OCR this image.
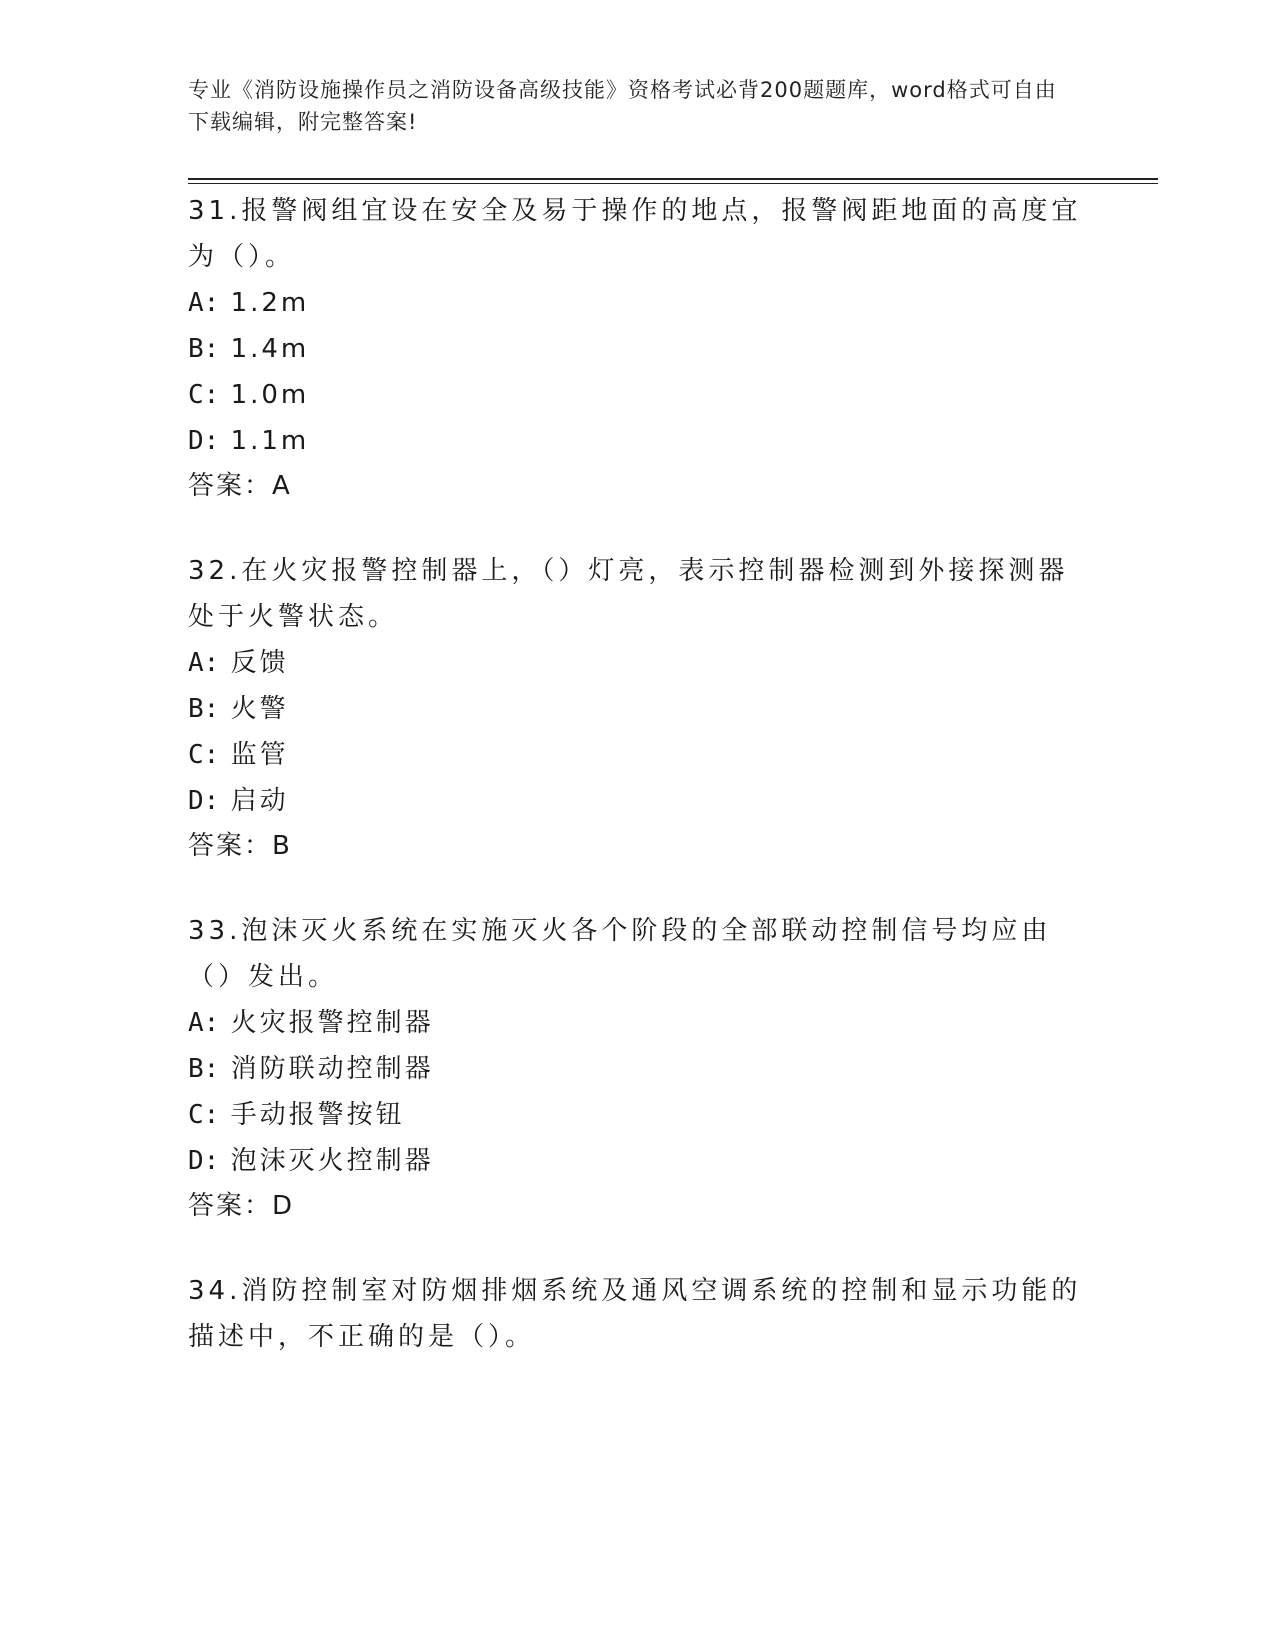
专业《消防设施操作员之消防设备高级技能》资格考试必背200题题库，word格式可自由下载编辑，附完整答案!

31.报警阀组宜设在安全及易于操作的地点，报警阀距地面的高度宜为（）。

A: 1.2m
B: 1.4m
C: 1.0m
D: 1.1m
答案：A

32.在火灾报警控制器上，（）灯亮，表示控制器检测到外接探测器处于火警状态。

A: 反馈
B: 火警
C: 监管
D: 启动
答案：B

33.泡沫灭火系统在实施灭火各个阶段的全部联动控制信号均应由（）发出。

A: 火灾报警控制器
B: 消防联动控制器
C: 手动报警按钮
D: 泡沫灭火控制器
答案：D

34.消防控制室对防烟排烟系统及通风空调系统的控制和显示功能的描述中，不正确的是（）。
